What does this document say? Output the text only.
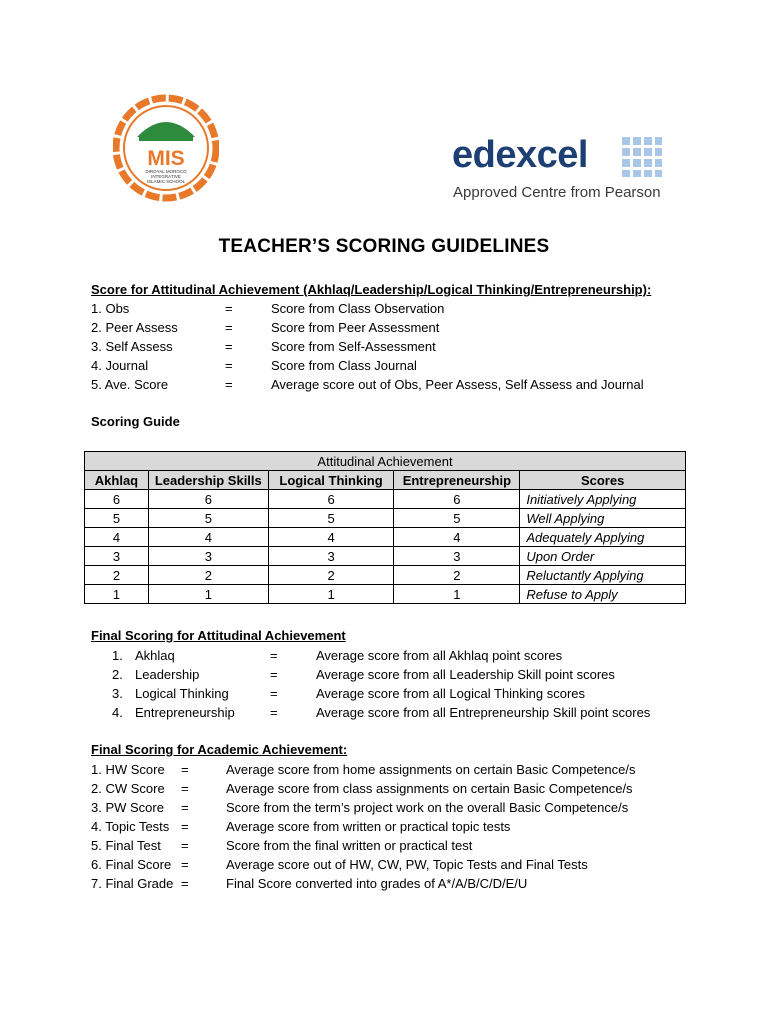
MIS
DIROYAL MOROCO
INTEGRATIVE
ISLAMIC SCHOOL
edexcel
Approved Centre from Pearson
TEACHER’S SCORING GUIDELINES
Score for Attitudinal Achievement (Akhlaq/Leadership/Logical Thinking/Entrepreneurship):
1. Obs	=	Score from Class Observation
2. Peer Assess	=	Score from Peer Assessment
3. Self Assess	=	Score from Self-Assessment
4. Journal	=	Score from Class Journal
5. Ave. Score	=	Average score out of Obs, Peer Assess, Self Assess and Journal
Scoring Guide
Attitudinal Achievement				
Akhlaq	Leadership Skills	Logical Thinking	Entrepreneurship	Scores
6	6	6	6	Initiatively Applying
5	5	5	5	Well Applying
4	4	4	4	Adequately Applying
3	3	3	3	Upon Order
2	2	2	2	Reluctantly Applying
1	1	1	1	Refuse to Apply
Final Scoring for Attitudinal Achievement
1. Akhlaq	=	Average score from all Akhlaq point scores
2. Leadership	=	Average score from all Leadership Skill point scores
3. Logical Thinking	=	Average score from all Logical Thinking scores
4. Entrepreneurship	=	Average score from all Entrepreneurship Skill point scores
Final Scoring for Academic Achievement:
1. HW Score =	Average score from home assignments on certain Basic Competence/s
2. CW Score =	Average score from class assignments on certain Basic Competence/s
3. PW Score =	Score from the term’s project work on the overall Basic Competence/s
4. Topic Tests =	Average score from written or practical topic tests
5. Final Test =	Score from the final written or practical test
6. Final Score =	Average score out of HW, CW, PW, Topic Tests and Final Tests
7. Final Grade =	Final Score converted into grades of A*/A/B/C/D/E/U
